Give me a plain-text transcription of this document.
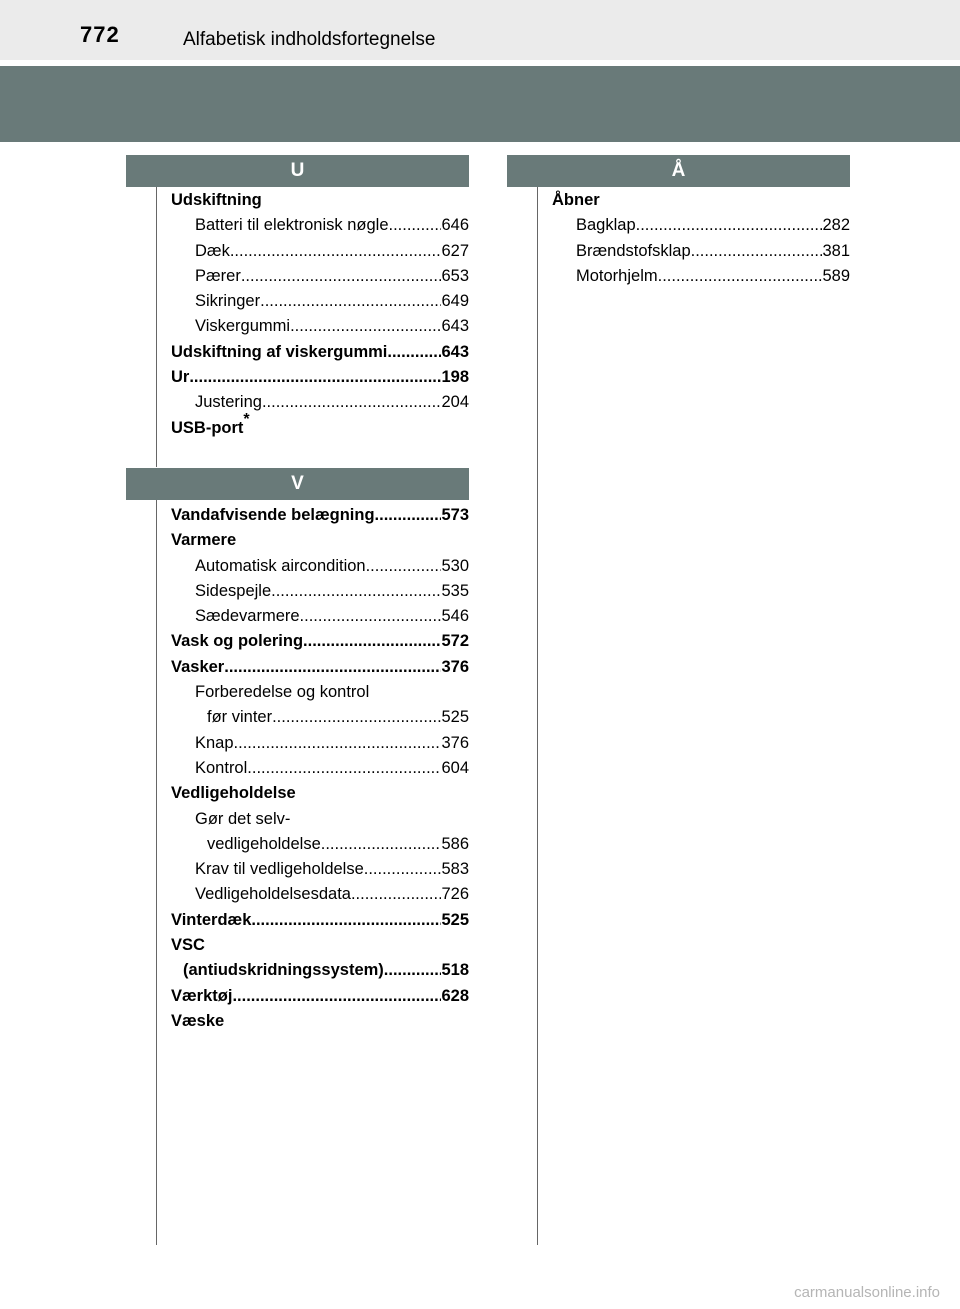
772	Alfabetisk indholdsfortegnelse
U
Udskiftning
Batteri til elektronisk nøgle .....	646
Dæk .....	627
Pærer .....	653
Sikringer .....	649
Viskergummi .....	643
Udskiftning af viskergummi .....	643
Ur .....	198
Justering .....	204
USB-port*
V
Vandafvisende belægning .....	573
Varmere
Automatisk aircondition .....	530
Sidespejle .....	535
Sædevarmere .....	546
Vask og polering .....	572
Vasker .....	376
Forberedelse og kontrol
før vinter .....	525
Knap .....	376
Kontrol .....	604
Vedligeholdelse
Gør det selv-
vedligeholdelse .....	586
Krav til vedligeholdelse .....	583
Vedligeholdelsesdata .....	726
Vinterdæk .....	525
VSC
(antiudskridningssystem) .....	518
Værktøj .....	628
Væske
Å
Åbner
Bagklap .....	282
Brændstofsklap .....	381
Motorhjelm .....	589
carmanualsonline.info
